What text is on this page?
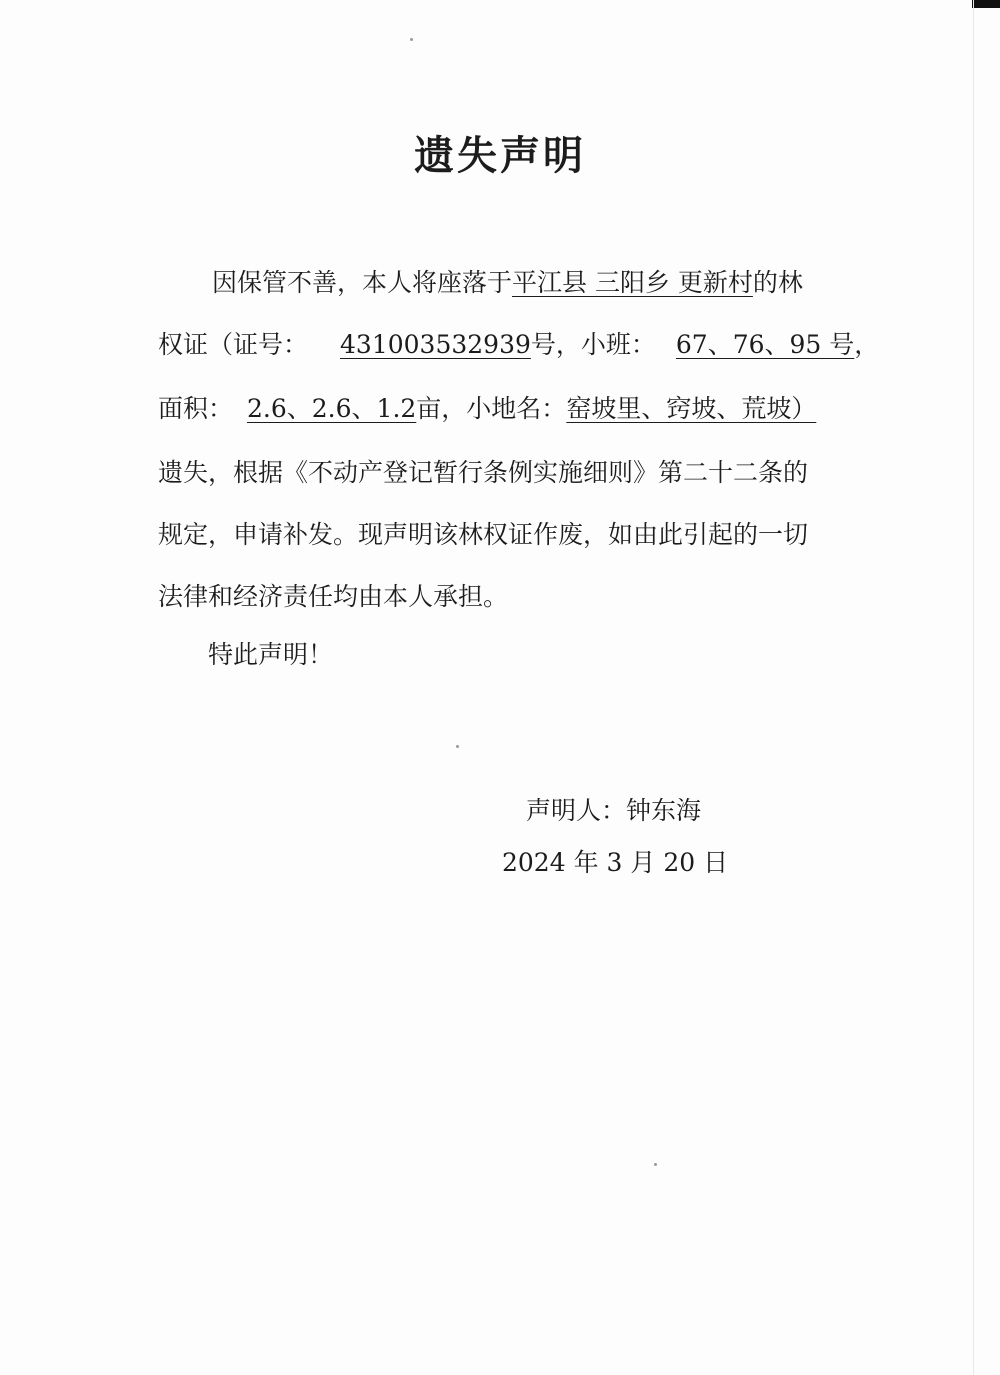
遗失声明

因保管不善，本人将座落于平江县 三阳乡 更新村的林

权证（证号： 431003532939号，小班： 67、76、95 号，

面积： 2.6、2.6、1.2亩，小地名：窑坡里、窍坡、荒坡）

遗失，根据《不动产登记暂行条例实施细则》第二十二条的

规定，申请补发。现声明该林权证作废，如由此引起的一切

法律和经济责任均由本人承担。

特此声明！

声明人：钟东海

2024 年 3 月 20 日
